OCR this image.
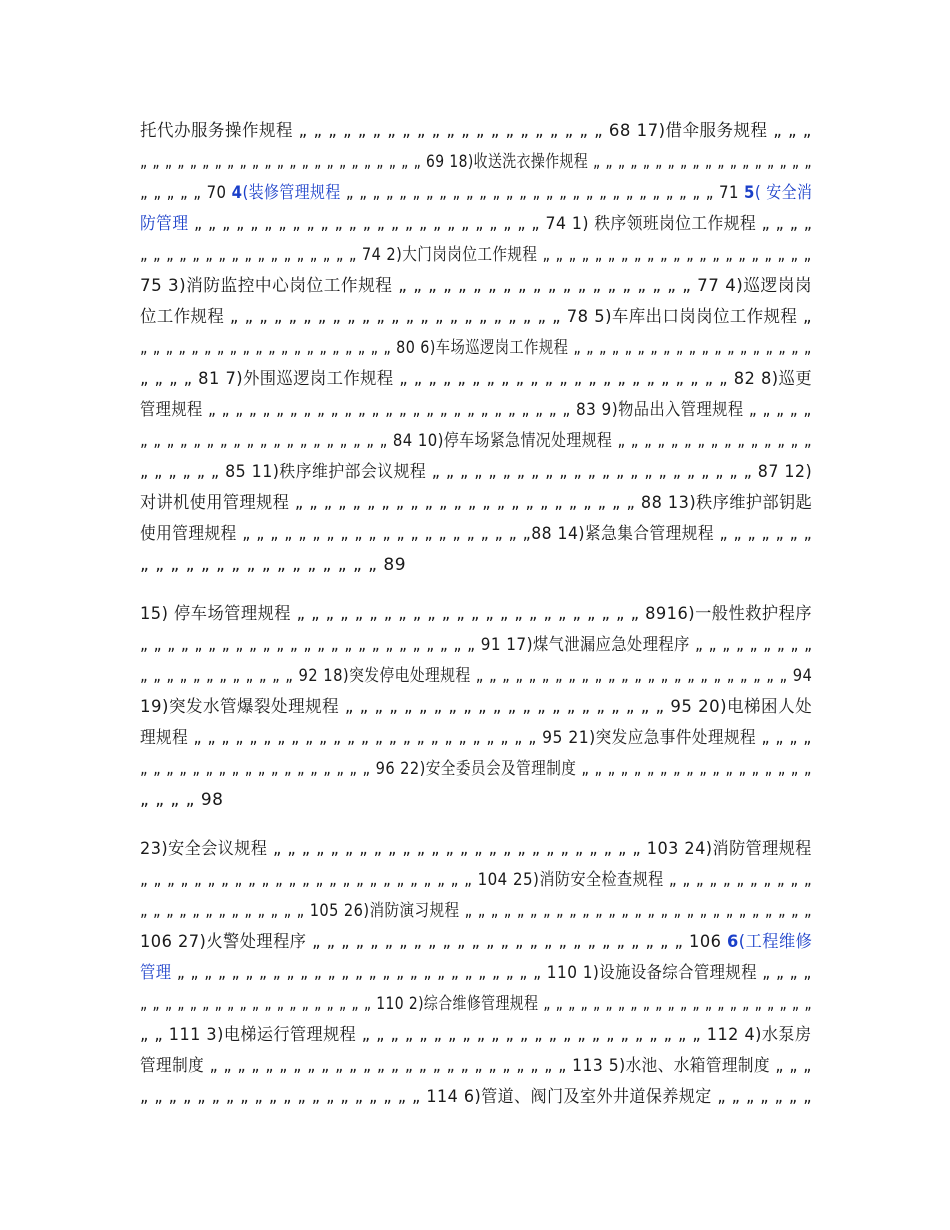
托代办服务操作规程 „ „ „ „ „ „ „ „ „ „ „ „ „ „ „ „ „ „ „ „ „ 68 17)借伞服务规程 „ „ „
„ „ „ „ „ „ „ „ „ „ „ „ „ „ „ „ „ „ „ „ „ „ „ 69 18)收送洗衣操作规程 „ „ „ „ „ „ „ „ „ „ „ „ „ „ „ „ „ „
„ „ „ „ „ 70 4(装修管理规程 „ „ „ „ „ „ „ „ „ „ „ „ „ „ „ „ „ „ „ „ „ „ „ „ „ „ „ „ 71 5( 安全消
防管理 „ „ „ „ „ „ „ „ „ „ „ „ „ „ „ „ „ „ „ „ „ „ „ „ „ 74 1) 秩序领班岗位工作规程 „ „ „ „
„ „ „ „ „ „ „ „ „ „ „ „ „ „ „ „ „ 74 2)大门岗岗位工作规程 „ „ „ „ „ „ „ „ „ „ „ „ „ „ „ „ „ „ „ „ „
75 3)消防监控中心岗位工作规程 „ „ „ „ „ „ „ „ „ „ „ „ „ „ „ „ „ „ „ „ 77 4)巡逻岗岗
位工作规程 „ „ „ „ „ „ „ „ „ „ „ „ „ „ „ „ „ „ „ „ „ „ „ 78 5)车库出口岗岗位工作规程 „
„ „ „ „ „ „ „ „ „ „ „ „ „ „ „ „ „ „ „ „ 80 6)车场巡逻岗工作规程 „ „ „ „ „ „ „ „ „ „ „ „ „ „ „ „ „ „ „
„ „ „ „ 81 7)外围巡逻岗工作规程 „ „ „ „ „ „ „ „ „ „ „ „ „ „ „ „ „ „ „ „ „ „ „ 82 8)巡更
管理规程 „ „ „ „ „ „ „ „ „ „ „ „ „ „ „ „ „ „ „ „ „ „ „ „ „ „ „ 83 9)物品出入管理规程 „ „ „ „ „
„ „ „ „ „ „ „ „ „ „ „ „ „ „ „ „ „ „ „ 84 10)停车场紧急情况处理规程 „ „ „ „ „ „ „ „ „ „ „ „ „ „ „
„ „ „ „ „ „ 85 11)秩序维护部会议规程 „ „ „ „ „ „ „ „ „ „ „ „ „ „ „ „ „ „ „ „ „ „ „ 87 12)
对讲机使用管理规程 „ „ „ „ „ „ „ „ „ „ „ „ „ „ „ „ „ „ „ „ „ „ „ „ 88 13)秩序维护部钥匙
使用管理规程 „ „ „ „ „ „ „ „ „ „ „ „ „ „ „ „ „ „ „ „ „88 14)紧急集合管理规程 „ „ „ „ „ „ „
„ „ „ „ „ „ „ „ „ „ „ „ „ „ „ „ 89
15) 停车场管理规程 „ „ „ „ „ „ „ „ „ „ „ „ „ „ „ „ „ „ „ „ „ „ „ „ 8916)一般性救护程序
„ „ „ „ „ „ „ „ „ „ „ „ „ „ „ „ „ „ „ „ „ „ „ „ „ 91 17)煤气泄漏应急处理程序 „ „ „ „ „ „ „ „ „
„ „ „ „ „ „ „ „ „ „ „ „ 92 18)突发停电处理规程 „ „ „ „ „ „ „ „ „ „ „ „ „ „ „ „ „ „ „ „ „ „ „ „ 94
19)突发水管爆裂处理规程 „ „ „ „ „ „ „ „ „ „ „ „ „ „ „ „ „ „ „ „ „ „ 95 20)电梯困人处
理规程 „ „ „ „ „ „ „ „ „ „ „ „ „ „ „ „ „ „ „ „ „ „ „ „ „ 95 21)突发应急事件处理规程 „ „ „ „
„ „ „ „ „ „ „ „ „ „ „ „ „ „ „ „ „ „ 96 22)安全委员会及管理制度 „ „ „ „ „ „ „ „ „ „ „ „ „ „ „ „ „ „
„ „ „ „ 98
23)安全会议规程 „ „ „ „ „ „ „ „ „ „ „ „ „ „ „ „ „ „ „ „ „ „ „ „ „ „ 103 24)消防管理规程
„ „ „ „ „ „ „ „ „ „ „ „ „ „ „ „ „ „ „ „ „ „ „ „ „ 104 25)消防安全检查规程 „ „ „ „ „ „ „ „ „ „ „
„ „ „ „ „ „ „ „ „ „ „ „ „ 105 26)消防演习规程 „ „ „ „ „ „ „ „ „ „ „ „ „ „ „ „ „ „ „ „ „ „ „ „ „ „ „
106 27)火警处理程序 „ „ „ „ „ „ „ „ „ „ „ „ „ „ „ „ „ „ „ „ „ „ „ „ „ „ 106 6(工程维修
管理 „ „ „ „ „ „ „ „ „ „ „ „ „ „ „ „ „ „ „ „ „ „ „ „ „ „ „ 110 1)设施设备综合管理规程 „ „ „ „
„ „ „ „ „ „ „ „ „ „ „ „ „ „ „ „ „ „ „ 110 2)综合维修管理规程 „ „ „ „ „ „ „ „ „ „ „ „ „ „ „ „ „ „ „ „ „ „
„ „ 111 3)电梯运行管理规程 „ „ „ „ „ „ „ „ „ „ „ „ „ „ „ „ „ „ „ „ „ „ „ „ 112 4)水泵房
管理制度 „ „ „ „ „ „ „ „ „ „ „ „ „ „ „ „ „ „ „ „ „ „ „ „ „ „ 113 5)水池、水箱管理制度 „ „ „
„ „ „ „ „ „ „ „ „ „ „ „ „ „ „ „ „ „ „ „ 114 6)管道、阀门及室外井道保养规定 „ „ „ „ „ „ „
